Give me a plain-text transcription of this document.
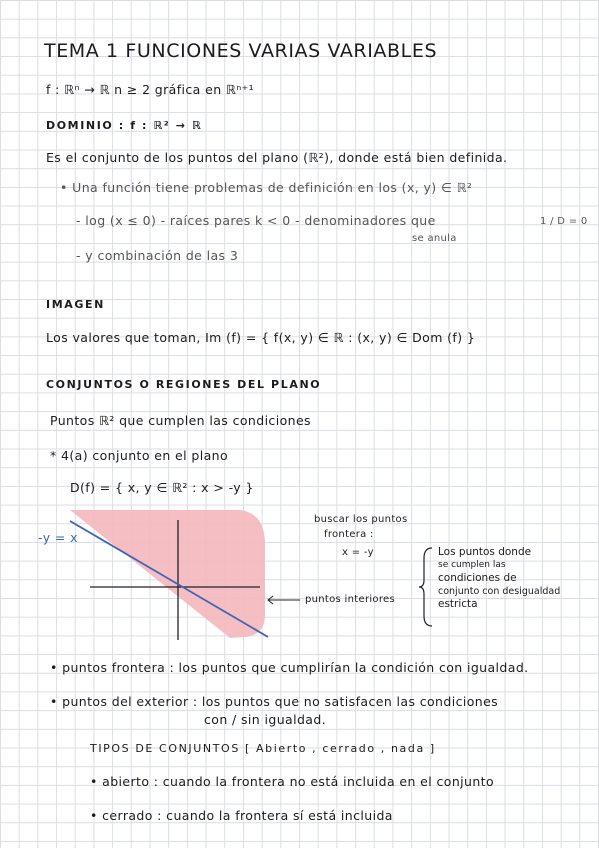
TEMA 1 FUNCIONES VARIAS VARIABLES
f : ℝⁿ → ℝ n ≥ 2 gráfica en ℝⁿ⁺¹
DOMINIO : f : ℝ² → ℝ
Es el conjunto de los puntos del plano (ℝ²), donde está bien definida.
• Una función tiene problemas de definición en los (x, y) ∈ ℝ²
- log (x ≤ 0) - raíces pares k < 0 - denominadores que
se anula
1 / D = 0
- y combinación de las 3
IMAGEN
Los valores que toman, Im (f) = { f(x, y) ∈ ℝ : (x, y) ∈ Dom (f) }
CONJUNTOS O REGIONES DEL PLANO
Puntos ℝ² que cumplen las condiciones
* 4(a) conjunto en el plano
D(f) = { x, y ∈ ℝ² : x > -y }
-y = x
buscar los puntos
frontera :
x = -y
puntos interiores
Los puntos donde
se cumplen las
condiciones de
conjunto con desigualdad
estricta
• puntos frontera : los puntos que cumplirían la condición con igualdad.
• puntos del exterior : los puntos que no satisfacen las condiciones
con / sin igualdad.
TIPOS DE CONJUNTOS [ Abierto , cerrado , nada ]
• abierto : cuando la frontera no está incluida en el conjunto
• cerrado : cuando la frontera sí está incluida
